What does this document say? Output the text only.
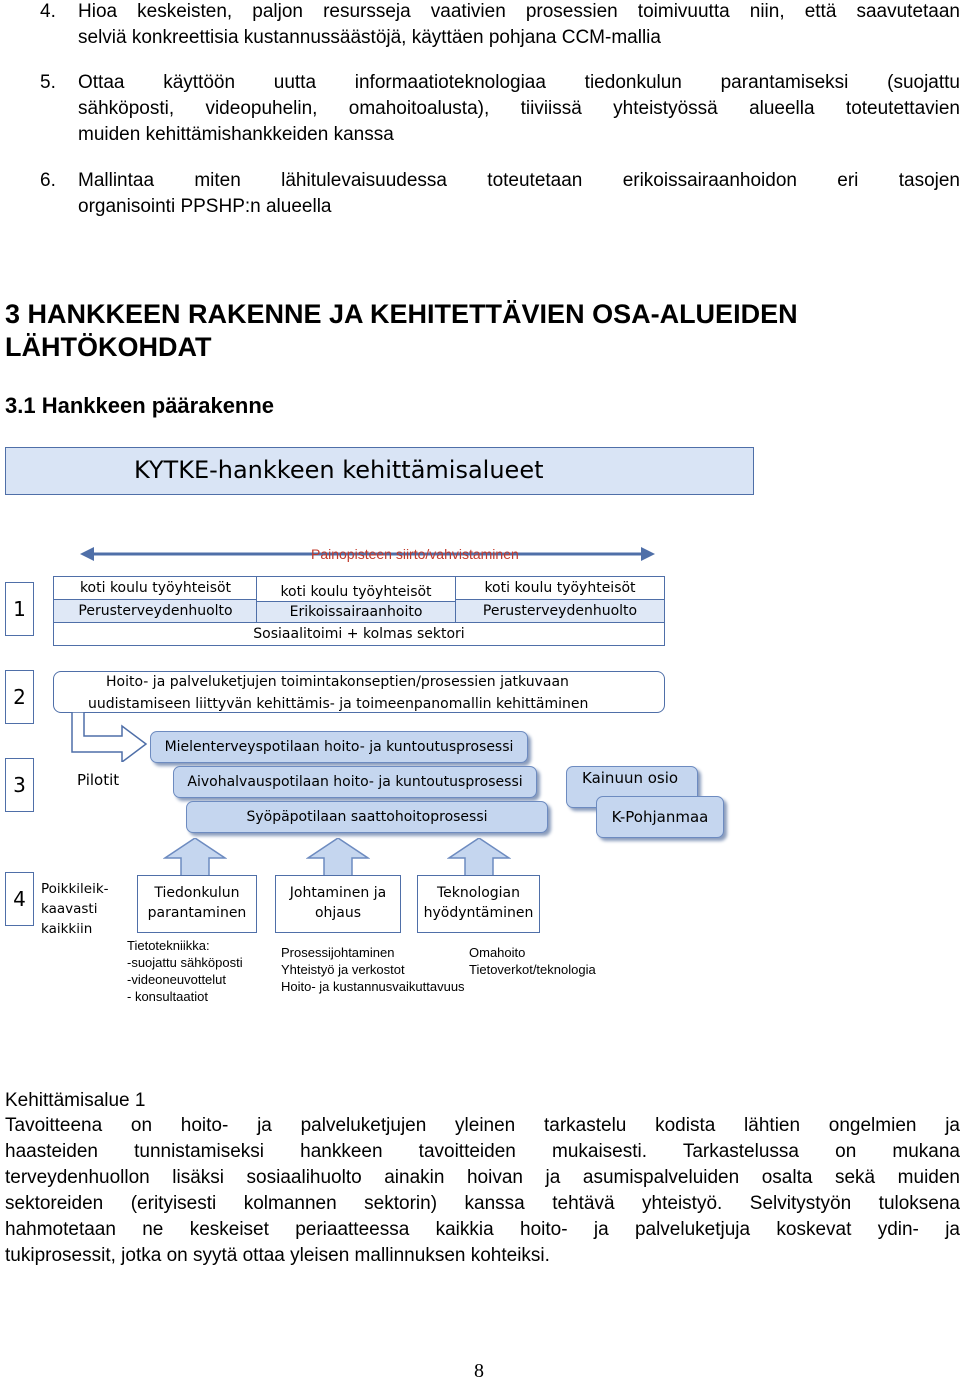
4. Hioa keskeisten, paljon resursseja vaativien prosessien toimivuutta niin, että saavutetaan
selviä konkreettisia kustannussäästöjä, käyttäen pohjana CCM-mallia
5. Ottaa käyttöön uutta informaatioteknologiaa tiedonkulun parantamiseksi (suojattu
sähköposti, videopuhelin, omahoitoalusta), tiiviissä yhteistyössä alueella toteutettavien
muiden kehittämishankkeiden kanssa
6. Mallintaa miten lähitulevaisuudessa toteutetaan erikoissairaanhoidon eri tasojen
organisointi PPSHP:n alueella
3 HANKKEEN RAKENNE JA KEHITETTÄVIEN OSA-ALUEIDEN
LÄHTÖKOHDAT
3.1 Hankkeen päärakenne
KYTKE-hankkeen kehittämisalueet
Painopisteen siirto/vahvistaminen
1
2
3
4
koti koulu työyhteisöt
Perusterveydenhuolto
koti koulu työyhteisöt
Erikoissairaanhoito
koti koulu työyhteisöt
Perusterveydenhuolto
Sosiaalitoimi + kolmas sektori
Hoito- ja palveluketjujen toimintakonseptien/prosessien jatkuvaan
uudistamiseen liittyvän kehittämis- ja toimeenpanomallin kehittäminen
Pilotit
Mielenterveyspotilaan hoito- ja kuntoutusprosessi
Aivohalvauspotilaan hoito- ja kuntoutusprosessi
Syöpäpotilaan saattohoitoprosessi
Kainuun osio
K-Pohjanmaa
Poikkileik-
kaavasti
kaikkiin
Tiedonkulun
parantaminen
Johtaminen ja
ohjaus
Teknologian
hyödyntäminen
Tietotekniikka:
-suojattu sähköposti
-videoneuvottelut
- konsultaatiot
Prosessijohtaminen
Yhteistyö ja verkostot
Hoito- ja kustannusvaikuttavuus
Omahoito
Tietoverkot/teknologia
Kehittämisalue 1
Tavoitteena on hoito- ja palveluketjujen yleinen tarkastelu kodista lähtien ongelmien ja
haasteiden tunnistamiseksi hankkeen tavoitteiden mukaisesti. Tarkastelussa on mukana
terveydenhuollon lisäksi sosiaalihuolto ainakin hoivan ja asumispalveluiden osalta sekä muiden
sektoreiden (erityisesti kolmannen sektorin) kanssa tehtävä yhteistyö. Selvitystyön tuloksena
hahmotetaan ne keskeiset periaatteessa kaikkia hoito- ja palveluketjuja koskevat ydin- ja
tukiprosessit, jotka on syytä ottaa yleisen mallinnuksen kohteiksi.
8
